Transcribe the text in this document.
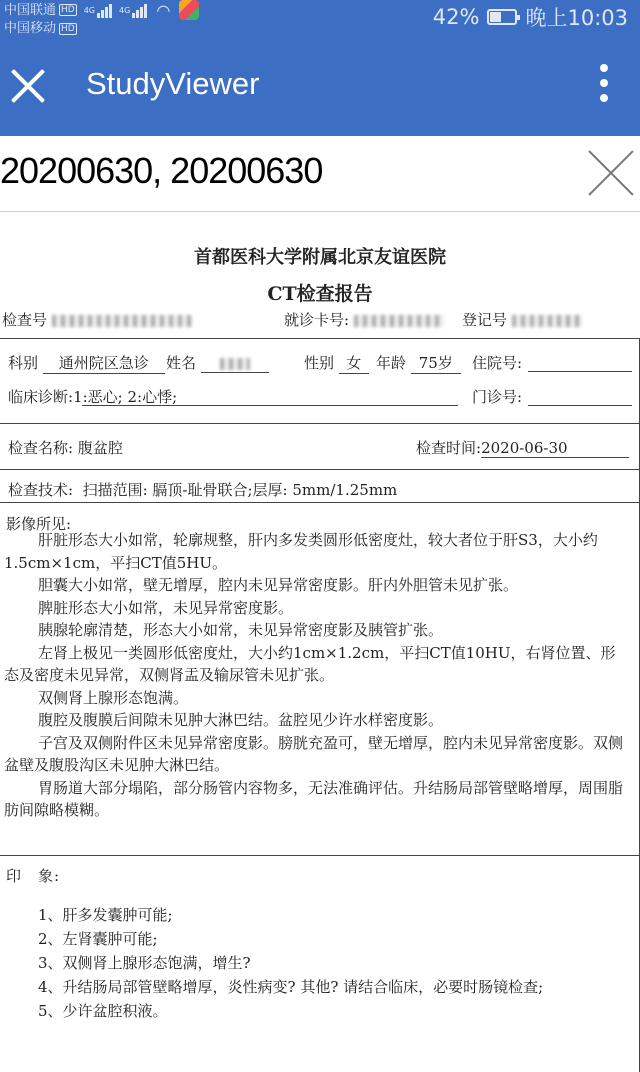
中国联通 HD 4G	4G ◠
中国移动 HD	42% 晚上10:03
StudyViewer
20200630, 20200630
首都医科大学附属北京友谊医院
CT检查报告
检查号	就诊卡号:	登记号
科别 通州院区急诊	姓名	性别 女 年龄 75岁	住院号:
临床诊断:1:恶心; 2:心悸;	门诊号:
检查名称: 腹盆腔	检查时间:2020-06-30
检查技术: 扫描范围: 膈顶-耻骨联合;层厚: 5mm/1.25mm
影像所见:

肝脏形态大小如常，轮廓规整，肝内多发类圆形低密度灶，较大者位于肝S3，大小约1.5cm×1cm，平扫CT值5HU。

胆囊大小如常，壁无增厚，腔内未见异常密度影。肝内外胆管未见扩张。

脾脏形态大小如常，未见异常密度影。

胰腺轮廓清楚，形态大小如常，未见异常密度影及胰管扩张。

左肾上极见一类圆形低密度灶，大小约1cm×1.2cm，平扫CT值10HU，右肾位置、形态及密度未见异常，双侧肾盂及输尿管未见扩张。

双侧肾上腺形态饱满。

腹腔及腹膜后间隙未见肿大淋巴结。盆腔见少许水样密度影。

子宫及双侧附件区未见异常密度影。膀胱充盈可，壁无增厚，腔内未见异常密度影。双侧盆壁及腹股沟区未见肿大淋巴结。

胃肠道大部分塌陷，部分肠管内容物多，无法准确评估。升结肠局部管壁略增厚，周围脂肪间隙略模糊。

印　象:

1、肝多发囊肿可能;

2、左肾囊肿可能;

3、双侧肾上腺形态饱满，增生?

4、升结肠局部管壁略增厚，炎性病变? 其他? 请结合临床，必要时肠镜检查;

5、少许盆腔积液。
